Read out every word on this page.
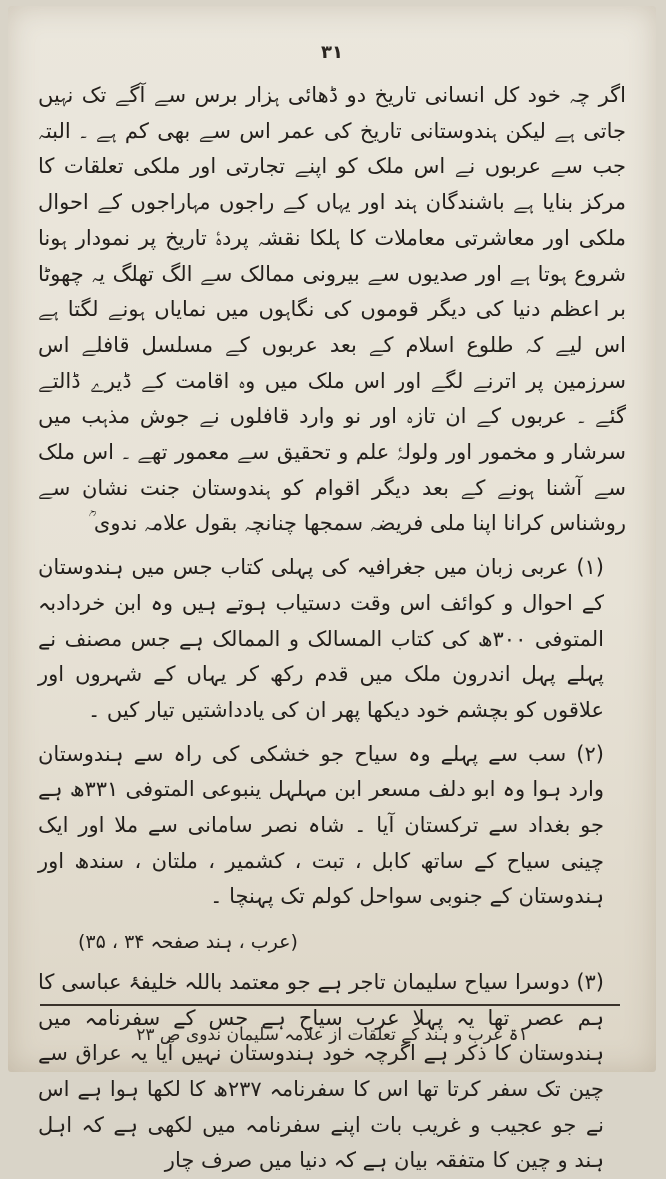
۳۱

اگر چہ خود کل انسانی تاریخ دو ڈھائی ہزار برس سے آگے تک نہیں جاتی ہے لیکن ہندوستانی تاریخ کی عمر اس سے بھی کم ہے ۔ البتہ جب سے عربوں نے اس ملک کو اپنے تجارتی اور ملکی تعلقات کا مرکز بنایا ہے باشندگان ہند اور یہاں کے راجوں مہاراجوں کے احوال ملکی اور معاشرتی معاملات کا ہلکا نقشہ پردۂ تاریخ پر نمودار ہونا شروع ہوتا ہے اور صدیوں سے بیرونی ممالک سے الگ تھلگ یہ چھوٹا بر اعظم دنیا کی دیگر قوموں کی نگاہوں میں نمایاں ہونے لگتا ہے اس لیے کہ طلوع اسلام کے بعد عربوں کے مسلسل قافلے اس سرزمین پر اترنے لگے اور اس ملک میں وہ اقامت کے ڈیرے ڈالتے گئے ۔ عربوں کے ان تازہ اور نو وارد قافلوں نے جوش مذہب میں سرشار و مخمور اور ولولۂ علم و تحقیق سے معمور تھے ۔ اس ملک سے آشنا ہونے کے بعد دیگر اقوام کو ہندوستان جنت نشان سے روشناس کرانا اپنا ملی فریضہ سمجھا چنانچہ بقول علامہ ندوی ؒ

(۱) عربی زبان میں جغرافیہ کی پہلی کتاب جس میں ہندوستان کے احوال و کوائف اس وقت دستیاب ہوتے ہیں وہ ابن خردادبہ المتوفی ۳۰۰ھ کی کتاب المسالک و الممالک ہے جس مصنف نے پہلے پہل اندرون ملک میں قدم رکھ کر یہاں کے شہروں اور علاقوں کو بچشم خود دیکھا پھر ان کی یادداشتیں تیار کیں ۔

(۲) سب سے پہلے وہ سیاح جو خشکی کی راہ سے ہندوستان وارد ہوا وہ ابو دلف مسعر ابن مہلہل ینبوعی المتوفی ۳۳۱ھ ہے جو بغداد سے ترکستان آیا ۔ شاہ نصر سامانی سے ملا اور ایک چینی سیاح کے ساتھ کابل ، تبت ، کشمیر ، ملتان ، سندھ اور ہندوستان کے جنوبی سواحل کولم تک پہنچا ۔

(عرب ، ہند صفحہ ۳۴ ، ۳۵)

(۳) دوسرا سیاح سلیمان تاجر ہے جو معتمد باللہ خلیفۂ عباسی کا ہم عصر تھا یہ پہلا عرب سیاح ہے جس کے سفرنامہ میں ہندوستان کا ذکر ہے اگرچہ خود ہندوستان نہیں آیا یہ عراق سے چین تک سفر کرتا تھا اس کا سفرنامہ ۲۳۷ھ کا لکھا ہوا ہے اس نے جو عجیب و غریب بات اپنے سفرنامہ میں لکھی ہے کہ اہل ہند و چین کا متفقہ بیان ہے کہ دنیا میں صرف چار

۱ۃ عرب و ہند کے تعلقات از علامہ سلیمان ندوی ص ۲۳
